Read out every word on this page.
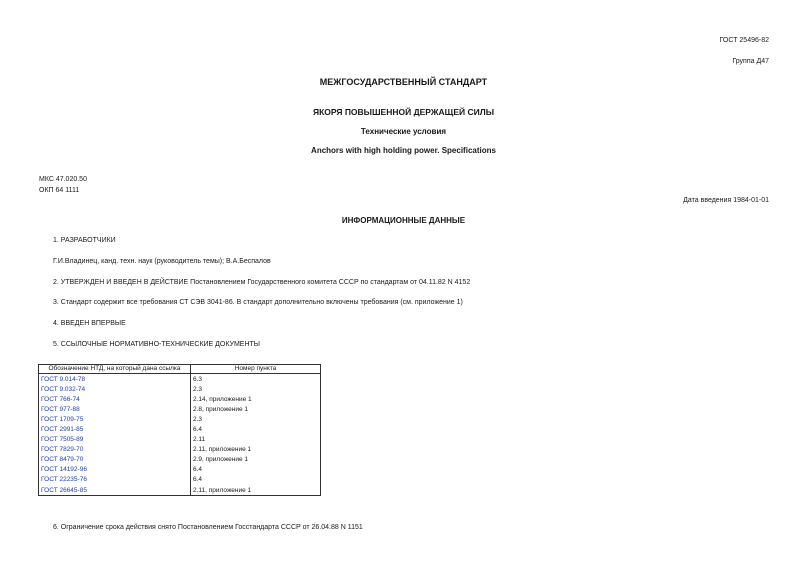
ГОСТ 25496-82
Группа Д47
МЕЖГОСУДАРСТВЕННЫЙ СТАНДАРТ
ЯКОРЯ ПОВЫШЕННОЙ ДЕРЖАЩЕЙ СИЛЫ
Технические условия
Anchors with high holding power. Specifications
МКС 47.020.50
ОКП 64 1111
Дата введения 1984-01-01
ИНФОРМАЦИОННЫЕ ДАННЫЕ
1. РАЗРАБОТЧИКИ
Г.И.Владинец, канд. техн. наук (руководитель темы); В.А.Беспалов
2. УТВЕРЖДЕН И ВВЕДЕН В ДЕЙСТВИЕ Постановлением Государственного комитета СССР по стандартам от 04.11.82 N 4152
3. Стандарт содержит все требования СТ СЭВ 3041-86. В стандарт дополнительно включены требования (см. приложение 1)
4. ВВЕДЕН ВПЕРВЫЕ
5. ССЫЛОЧНЫЕ НОРМАТИВНО-ТЕХНИЧЕСКИЕ ДОКУМЕНТЫ
Обозначение НТД, на который дана ссылка	Номер пункта
ГОСТ 9.014-78	6.3
ГОСТ 9.032-74	2.3
ГОСТ 766-74	2.14, приложение 1
ГОСТ 977-88	2.8, приложение 1
ГОСТ 1709-75	2.3
ГОСТ 2991-85	6.4
ГОСТ 7505-89	2.11
ГОСТ 7829-70	2.11, приложение 1
ГОСТ 8479-70	2.9, приложение 1
ГОСТ 14192-96	6.4
ГОСТ 22235-76	6.4
ГОСТ 26645-85	2.11, приложение 1
6. Ограничение срока действия снято Постановлением Госстандарта СССР от 26.04.88 N 1151
